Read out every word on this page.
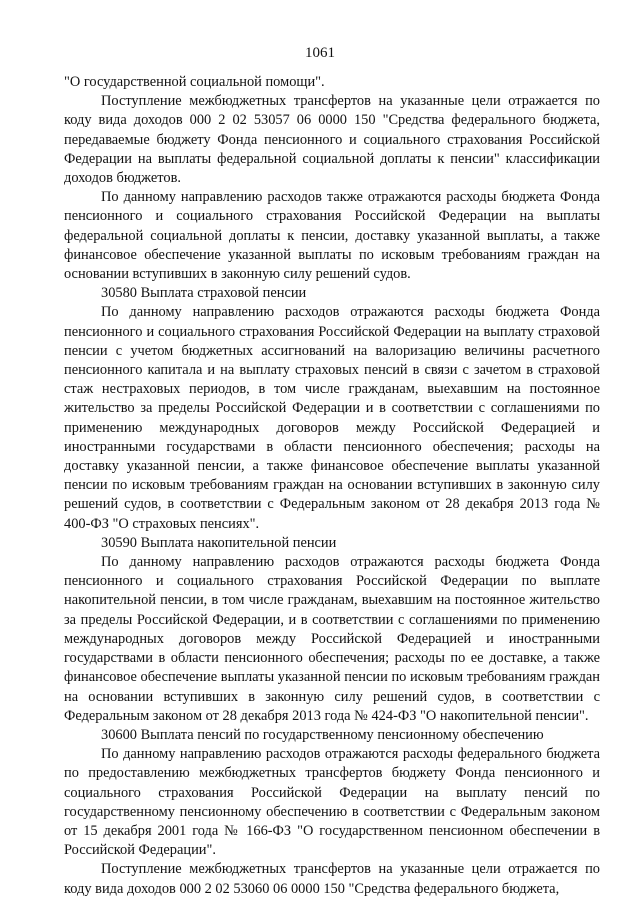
1061

"О государственной социальной помощи".

Поступление межбюджетных трансфертов на указанные цели отражается по коду вида доходов 000 2 02 53057 06 0000 150 "Средства федерального бюджета, передаваемые бюджету Фонда пенсионного и социального страхования Российской Федерации на выплаты федеральной социальной доплаты к пенсии" классификации доходов бюджетов.

По данному направлению расходов также отражаются расходы бюджета Фонда пенсионного и социального страхования Российской Федерации на выплаты федеральной социальной доплаты к пенсии, доставку указанной выплаты, а также финансовое обеспечение указанной выплаты по исковым требованиям граждан на основании вступивших в законную силу решений судов.

30580 Выплата страховой пенсии

По данному направлению расходов отражаются расходы бюджета Фонда пенсионного и социального страхования Российской Федерации на выплату страховой пенсии с учетом бюджетных ассигнований на валоризацию величины расчетного пенсионного капитала и на выплату страховых пенсий в связи с зачетом в страховой стаж нестраховых периодов, в том числе гражданам, выехавшим на постоянное жительство за пределы Российской Федерации и в соответствии с соглашениями по применению международных договоров между Российской Федерацией и иностранными государствами в области пенсионного обеспечения; расходы на доставку указанной пенсии, а также финансовое обеспечение выплаты указанной пенсии по исковым требованиям граждан на основании вступивших в законную силу решений судов, в соответствии с Федеральным законом от 28 декабря 2013 года № 400-ФЗ "О страховых пенсиях".

30590 Выплата накопительной пенсии

По данному направлению расходов отражаются расходы бюджета Фонда пенсионного и социального страхования Российской Федерации по выплате накопительной пенсии, в том числе гражданам, выехавшим на постоянное жительство за пределы Российской Федерации, и в соответствии с соглашениями по применению международных договоров между Российской Федерацией и иностранными государствами в области пенсионного обеспечения; расходы по ее доставке, а также финансовое обеспечение выплаты указанной пенсии по исковым требованиям граждан на основании вступивших в законную силу решений судов, в соответствии с Федеральным законом от 28 декабря 2013 года № 424-ФЗ "О накопительной пенсии".

30600 Выплата пенсий по государственному пенсионному обеспечению

По данному направлению расходов отражаются расходы федерального бюджета по предоставлению межбюджетных трансфертов бюджету Фонда пенсионного и социального страхования Российской Федерации на выплату пенсий по государственному пенсионному обеспечению в соответствии с Федеральным законом от 15 декабря 2001 года № 166-ФЗ "О государственном пенсионном обеспечении в Российской Федерации".

Поступление межбюджетных трансфертов на указанные цели отражается по коду вида доходов 000 2 02 53060 06 0000 150 "Средства федерального бюджета,
